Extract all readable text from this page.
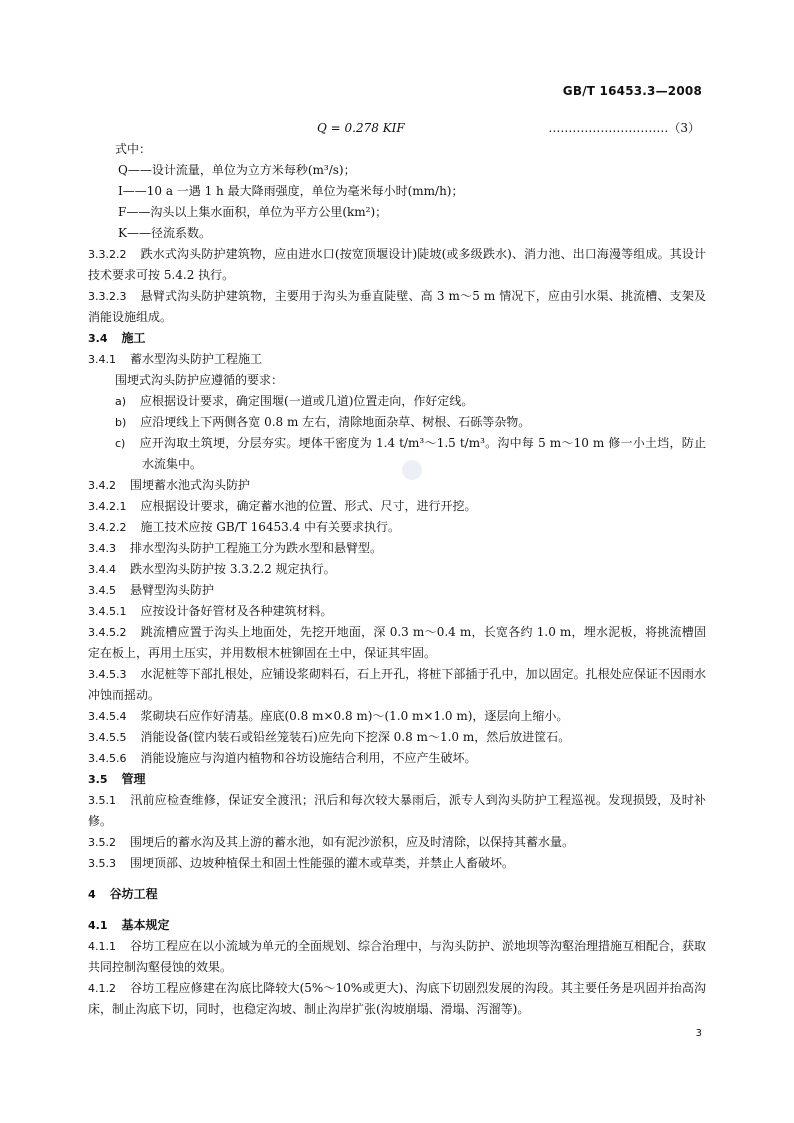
GB/T 16453.3—2008
Q = 0.278 KIF	…………………………（3）

式中：

Q——设计流量，单位为立方米每秒(m³/s)；

I——10 a 一遇 1 h 最大降雨强度，单位为毫米每小时(mm/h)；

F——沟头以上集水面积，单位为平方公里(km²)；

K——径流系数。

3.3.2.2 跌水式沟头防护建筑物，应由进水口(按宽顶堰设计)陡坡(或多级跌水)、消力池、出口海漫等组成。其设计技术要求可按 5.4.2 执行。

3.3.2.3 悬臂式沟头防护建筑物，主要用于沟头为垂直陡壁、高 3 m～5 m 情况下，应由引水渠、挑流槽、支架及消能设施组成。

3.4 施工

3.4.1 蓄水型沟头防护工程施工

围埂式沟头防护应遵循的要求：

a) 应根据设计要求，确定围堰(一道或几道)位置走向，作好定线。

b) 应沿埂线上下两侧各宽 0.8 m 左右，清除地面杂草、树根、石砾等杂物。

c) 应开沟取土筑埂，分层夯实。埂体干密度为 1.4 t/m³～1.5 t/m³。沟中每 5 m～10 m 修一小土垱，防止水流集中。

3.4.2 围埂蓄水池式沟头防护

3.4.2.1 应根据设计要求，确定蓄水池的位置、形式、尺寸，进行开挖。

3.4.2.2 施工技术应按 GB/T 16453.4 中有关要求执行。

3.4.3 排水型沟头防护工程施工分为跌水型和悬臂型。

3.4.4 跌水型沟头防护按 3.3.2.2 规定执行。

3.4.5 悬臂型沟头防护

3.4.5.1 应按设计备好管材及各种建筑材料。

3.4.5.2 跳流槽应置于沟头上地面处，先挖开地面，深 0.3 m～0.4 m，长宽各约 1.0 m，埋水泥板，将挑流槽固定在板上，再用土压实，并用数根木桩铆固在土中，保证其牢固。

3.4.5.3 水泥桩等下部扎根处，应铺设浆砌料石，石上开孔，将桩下部插于孔中，加以固定。扎根处应保证不因雨水冲蚀而摇动。

3.4.5.4 浆砌块石应作好清基。座底(0.8 m×0.8 m)～(1.0 m×1.0 m)，逐层向上缩小。

3.4.5.5 消能设备(筐内装石或铅丝笼装石)应先向下挖深 0.8 m～1.0 m，然后放进筐石。

3.4.5.6 消能设施应与沟道内植物和谷坊设施结合利用，不应产生破坏。

3.5 管理

3.5.1 汛前应检查维修，保证安全渡汛；汛后和每次较大暴雨后，派专人到沟头防护工程巡视。发现损毁，及时补修。

3.5.2 围埂后的蓄水沟及其上游的蓄水池，如有泥沙淤积，应及时清除，以保持其蓄水量。

3.5.3 围埂顶部、边坡种植保土和固土性能强的灌木或草类，并禁止人畜破坏。

4 谷坊工程

4.1 基本规定

4.1.1 谷坊工程应在以小流域为单元的全面规划、综合治理中，与沟头防护、淤地坝等沟壑治理措施互相配合，获取共同控制沟壑侵蚀的效果。

4.1.2 谷坊工程应修建在沟底比降较大(5%～10%或更大)、沟底下切剧烈发展的沟段。其主要任务是巩固并抬高沟床，制止沟底下切，同时，也稳定沟坡、制止沟岸扩张(沟坡崩塌、滑塌、泻溜等)。

3
